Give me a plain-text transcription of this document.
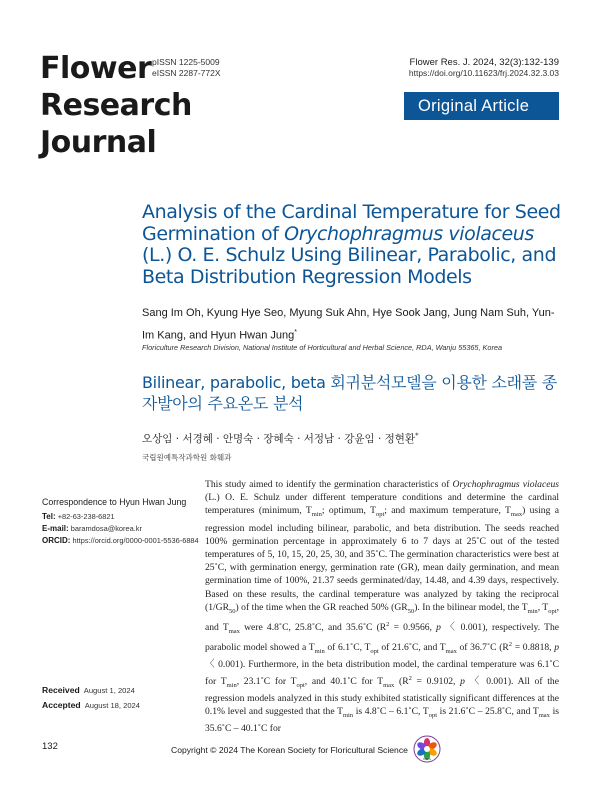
Flower
Research
Journal
pISSN 1225-5009
eISSN 2287-772X
Flower Res. J. 2024, 32(3):132-139
https://doi.org/10.11623/frj.2024.32.3.03
Original Article
Analysis of the Cardinal Temperature for Seed Germination of Orychophragmus violaceus (L.) O. E. Schulz Using Bilinear, Parabolic, and Beta Distribution Regression Models
Sang Im Oh, Kyung Hye Seo, Myung Suk Ahn, Hye Sook Jang, Jung Nam Suh, Yun-Im Kang, and Hyun Hwan Jung*
Floriculture Research Division, National Institute of Horticultural and Herbal Science, RDA, Wanju 55365, Korea
Bilinear, parabolic, beta 회귀분석모델을 이용한 소래풀 종자발아의 주요온도 분석
오상임 · 서경혜 · 안명숙 · 장혜숙 · 서정남 · 강윤임 · 정현환*
국립원예특작과학원 화훼과
Correspondence to Hyun Hwan Jung
Tel: +82-63-238-6821
E-mail: baramdosa@korea.kr
ORCID: https://orcid.org/0000-0001-5536-6884
Received August 1, 2024
Accepted August 18, 2024
This study aimed to identify the germination characteristics of Orychophragmus violaceus (L.) O. E. Schulz under different temperature conditions and determine the cardinal temperatures (minimum, $T_{min}$; optimum, $T_{opt}$; and maximum temperature, $T_{max}$) using a regression model including bilinear, parabolic, and beta distribution. The seeds reached 100% germination percentage in approximately 6 to 7 days at 25˚C out of the tested temperatures of 5, 10, 15, 20, 25, 30, and 35˚C. The germination characteristics were best at 25˚C, with germination energy, germination rate (GR), mean daily germination, and mean germination time of 100%, 21.37 seeds germinated/day, 14.48, and 4.39 days, respectively. Based on these results, the cardinal temperature was analyzed by taking the reciprocal $(1/GR_{50})$ of the time when the GR reached 50% $(GR_{50})$. In the bilinear model, the $T_{min}$, $T_{opt}$, and $T_{max}$ were 4.8˚C, 25.8˚C, and 35.6˚C ($R^2 = 0.9566$, p 〈 0.001), respectively. The parabolic model showed a $T_{min}$ of 6.1˚C, $T_{opt}$ of 21.6˚C, and $T_{max}$ of 36.7˚C ($R^2 = 0.8818$, p 〈 0.001). Furthermore, in the beta distribution model, the cardinal temperature was 6.1˚C for $T_{min}$, 23.1˚C for $T_{opt}$, and 40.1˚C for $T_{max}$ ($R^2 = 0.9102$, p 〈 0.001). All of the regression models analyzed in this study exhibited statistically significant differences at the 0.1% level and suggested that the $T_{min}$ is 4.8˚C – 6.1˚C, $T_{opt}$ is 21.6˚C – 25.8˚C, and $T_{max}$ is 35.6˚C – 40.1˚C for
132	Copyright © 2024 The Korean Society for Floricultural Science
KSFS
